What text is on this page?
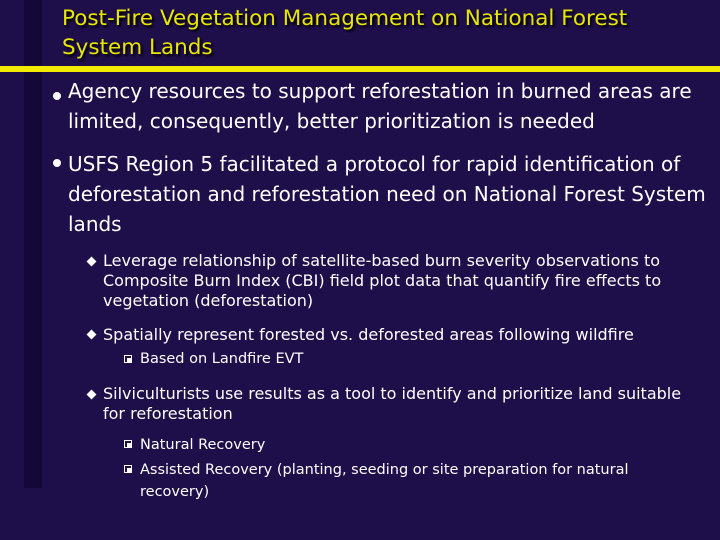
Post-Fire Vegetation Management on National Forest System Lands
Agency resources to support reforestation in burned areas are limited, consequently, better prioritization is needed
USFS Region 5 facilitated a protocol for rapid identification of deforestation and reforestation need on National Forest System lands
Leverage relationship of satellite-based burn severity observations to Composite Burn Index (CBI) field plot data that quantify fire effects to vegetation (deforestation)
Spatially represent forested vs. deforested areas following wildfire
Based on Landfire EVT
Silviculturists use results as a tool to identify and prioritize land suitable for reforestation
Natural Recovery
Assisted Recovery (planting, seeding or site preparation for natural recovery)
